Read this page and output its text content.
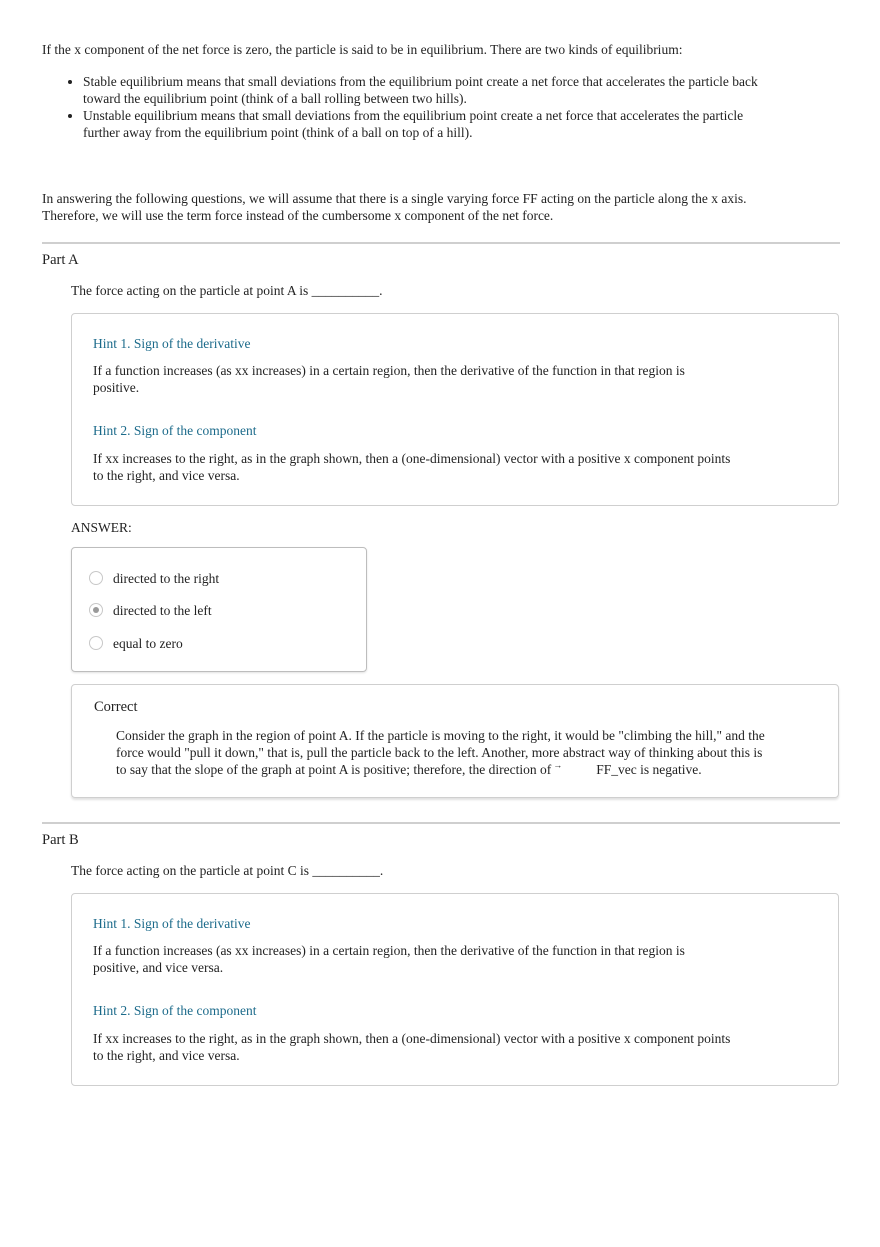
If the x component of the net force is zero, the particle is said to be in equilibrium. There are two kinds of equilibrium:

• Stable equilibrium means that small deviations from the equilibrium point create a net force that accelerates the particle back toward the equilibrium point (think of a ball rolling between two hills).
• Unstable equilibrium means that small deviations from the equilibrium point create a net force that accelerates the particle further away from the equilibrium point (think of a ball on top of a hill).

In answering the following questions, we will assume that there is a single varying force FF acting on the particle along the x axis. Therefore, we will use the term force instead of the cumbersome x component of the net force.

Part A

The force acting on the particle at point A is __________.

Hint 1. Sign of the derivative

If a function increases (as xx increases) in a certain region, then the derivative of the function in that region is positive.

Hint 2. Sign of the component

If xx increases to the right, as in the graph shown, then a (one-dimensional) vector with a positive x component points to the right, and vice versa.

ANSWER:

directed to the right
directed to the left
equal to zero

Correct

Consider the graph in the region of point A. If the particle is moving to the right, it would be "climbing the hill," and the force would "pull it down," that is, pull the particle back to the left. Another, more abstract way of thinking about this is to say that the slope of the graph at point A is positive; therefore, the direction of →	FF_vec is negative.

Part B

The force acting on the particle at point C is __________.

Hint 1. Sign of the derivative

If a function increases (as xx increases) in a certain region, then the derivative of the function in that region is positive, and vice versa.

Hint 2. Sign of the component

If xx increases to the right, as in the graph shown, then a (one-dimensional) vector with a positive x component points to the right, and vice versa.
